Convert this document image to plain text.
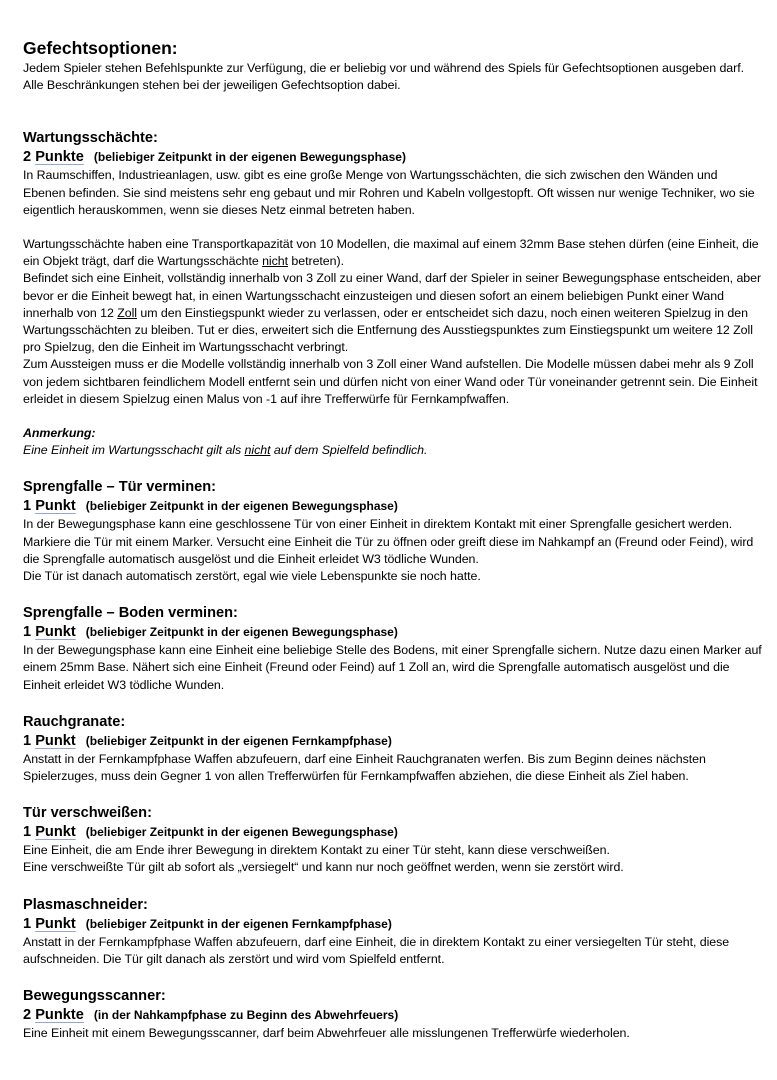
Gefechtsoptionen:

Jedem Spieler stehen Befehlspunkte zur Verfügung, die er beliebig vor und während des Spiels für Gefechtsoptionen ausgeben darf. Alle Beschränkungen stehen bei der jeweiligen Gefechtsoption dabei.

Wartungsschächte:
2 Punkte (beliebiger Zeitpunkt in der eigenen Bewegungsphase)

In Raumschiffen, Industrieanlagen, usw. gibt es eine große Menge von Wartungsschächten, die sich zwischen den Wänden und Ebenen befinden. Sie sind meistens sehr eng gebaut und mir Rohren und Kabeln vollgestopft. Oft wissen nur wenige Techniker, wo sie eigentlich herauskommen, wenn sie dieses Netz einmal betreten haben.

Wartungsschächte haben eine Transportkapazität von 10 Modellen, die maximal auf einem 32mm Base stehen dürfen (eine Einheit, die ein Objekt trägt, darf die Wartungsschächte nicht betreten).

Befindet sich eine Einheit, vollständig innerhalb von 3 Zoll zu einer Wand, darf der Spieler in seiner Bewegungsphase entscheiden, aber bevor er die Einheit bewegt hat, in einen Wartungsschacht einzusteigen und diesen sofort an einem beliebigen Punkt einer Wand innerhalb von 12 Zoll um den Einstiegspunkt wieder zu verlassen, oder er entscheidet sich dazu, noch einen weiteren Spielzug in den Wartungsschächten zu bleiben. Tut er dies, erweitert sich die Entfernung des Ausstiegspunktes zum Einstiegspunkt um weitere 12 Zoll pro Spielzug, den die Einheit im Wartungsschacht verbringt.

Zum Aussteigen muss er die Modelle vollständig innerhalb von 3 Zoll einer Wand aufstellen. Die Modelle müssen dabei mehr als 9 Zoll von jedem sichtbaren feindlichem Modell entfernt sein und dürfen nicht von einer Wand oder Tür voneinander getrennt sein. Die Einheit erleidet in diesem Spielzug einen Malus von -1 auf ihre Trefferwürfe für Fernkampfwaffen.

Anmerkung:

Eine Einheit im Wartungsschacht gilt als nicht auf dem Spielfeld befindlich.

Sprengfalle – Tür verminen:
1 Punkt (beliebiger Zeitpunkt in der eigenen Bewegungsphase)

In der Bewegungsphase kann eine geschlossene Tür von einer Einheit in direktem Kontakt mit einer Sprengfalle gesichert werden. Markiere die Tür mit einem Marker. Versucht eine Einheit die Tür zu öffnen oder greift diese im Nahkampf an (Freund oder Feind), wird die Sprengfalle automatisch ausgelöst und die Einheit erleidet W3 tödliche Wunden.

Die Tür ist danach automatisch zerstört, egal wie viele Lebenspunkte sie noch hatte.

Sprengfalle – Boden verminen:
1 Punkt (beliebiger Zeitpunkt in der eigenen Bewegungsphase)

In der Bewegungsphase kann eine Einheit eine beliebige Stelle des Bodens, mit einer Sprengfalle sichern. Nutze dazu einen Marker auf einem 25mm Base. Nähert sich eine Einheit (Freund oder Feind) auf 1 Zoll an, wird die Sprengfalle automatisch ausgelöst und die Einheit erleidet W3 tödliche Wunden.

Rauchgranate:
1 Punkt (beliebiger Zeitpunkt in der eigenen Fernkampfphase)

Anstatt in der Fernkampfphase Waffen abzufeuern, darf eine Einheit Rauchgranaten werfen. Bis zum Beginn deines nächsten Spielerzuges, muss dein Gegner 1 von allen Trefferwürfen für Fernkampfwaffen abziehen, die diese Einheit als Ziel haben.

Tür verschweißen:
1 Punkt (beliebiger Zeitpunkt in der eigenen Bewegungsphase)

Eine Einheit, die am Ende ihrer Bewegung in direktem Kontakt zu einer Tür steht, kann diese verschweißen.

Eine verschweißte Tür gilt ab sofort als „versiegelt“ und kann nur noch geöffnet werden, wenn sie zerstört wird.

Plasmaschneider:
1 Punkt (beliebiger Zeitpunkt in der eigenen Fernkampfphase)

Anstatt in der Fernkampfphase Waffen abzufeuern, darf eine Einheit, die in direktem Kontakt zu einer versiegelten Tür steht, diese aufschneiden. Die Tür gilt danach als zerstört und wird vom Spielfeld entfernt.

Bewegungsscanner:
2 Punkte (in der Nahkampfphase zu Beginn des Abwehrfeuers)

Eine Einheit mit einem Bewegungsscanner, darf beim Abwehrfeuer alle misslungenen Trefferwürfe wiederholen.
